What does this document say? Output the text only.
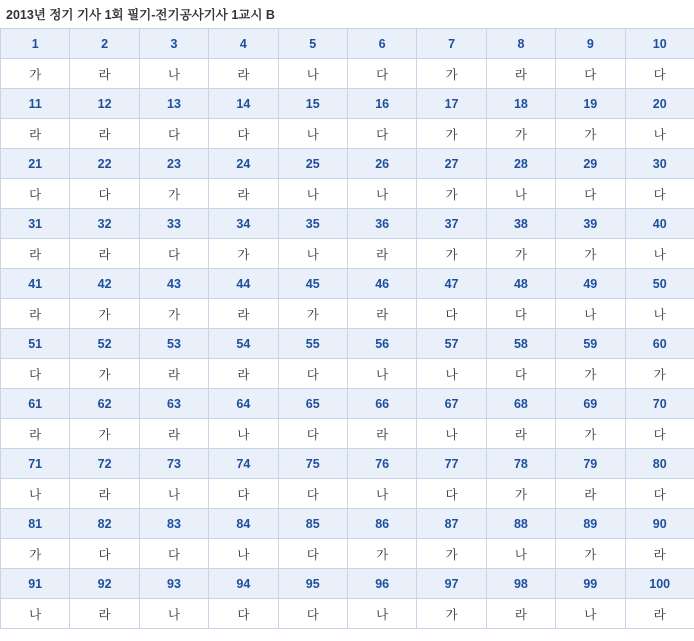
2013년 정기 기사 1회 필기-전기공사기사 1교시 B
1	2	3	4	5	6	7	8	9	10
가	라	나	라	나	다	가	라	다	다
11	12	13	14	15	16	17	18	19	20
라	라	다	다	나	다	가	가	가	나
21	22	23	24	25	26	27	28	29	30
다	다	가	라	나	나	가	나	다	다
31	32	33	34	35	36	37	38	39	40
라	라	다	가	나	라	가	가	가	나
41	42	43	44	45	46	47	48	49	50
라	가	가	라	가	라	다	다	나	나
51	52	53	54	55	56	57	58	59	60
다	가	라	라	다	나	나	다	가	가
61	62	63	64	65	66	67	68	69	70
라	가	라	나	다	라	나	라	가	다
71	72	73	74	75	76	77	78	79	80
나	라	나	다	다	나	다	가	라	다
81	82	83	84	85	86	87	88	89	90
가	다	다	나	다	가	가	나	가	라
91	92	93	94	95	96	97	98	99	100
나	라	나	다	다	나	가	라	나	라
